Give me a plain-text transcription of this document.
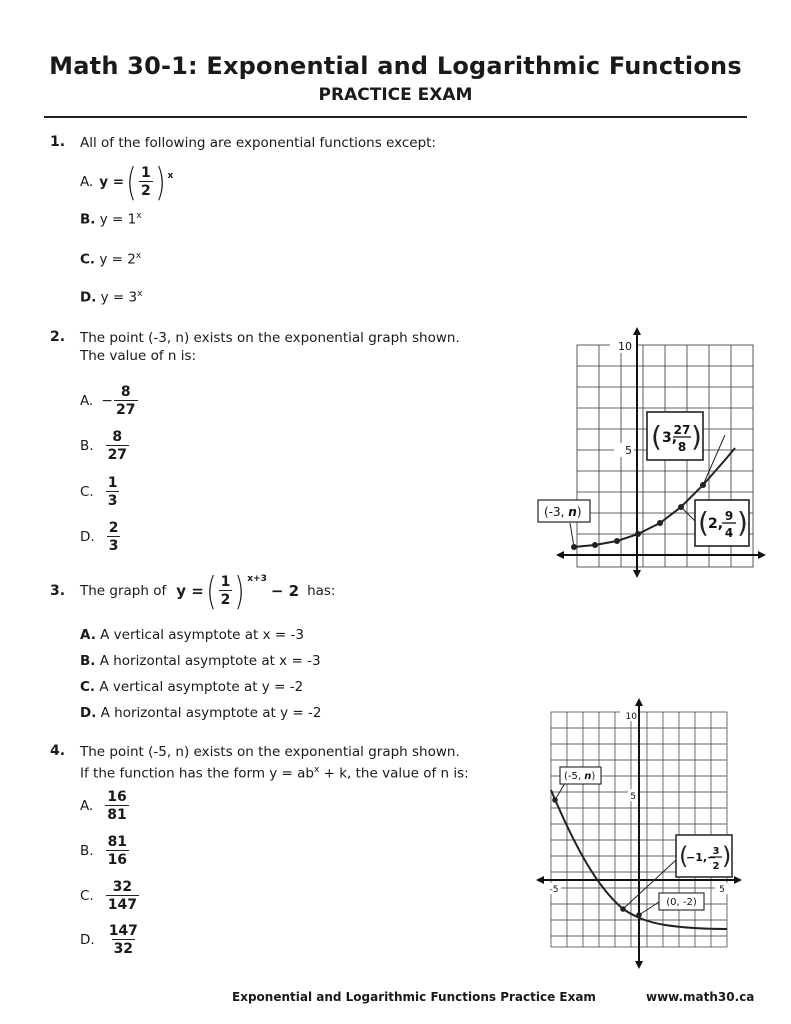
Math 30-1: Exponential and Logarithmic Functions
PRACTICE EXAM
1. All of the following are exponential functions except:
A. y = ( $\frac{1}{2}$ ) x
B. $y = 1^x$
C. $y = 2^x$
D. $y = 3^x$
2. The point (-3, n) exists on the exponential graph shown.
The value of n is:
A. − $\frac{8}{27}$
B. $\frac{8}{27}$
C. $\frac{1}{3}$
D. $\frac{2}{3}$
10
5
(-3, n)
( 3,
27
8 )
( 2, 9
4 )
3. The graph of y = ( $\frac{1}{2}$ ) x+3
− 2 has:
A. A vertical asymptote at x = -3
B. A horizontal asymptote at x = -3
C. A vertical asymptote at y = -2
D. A horizontal asymptote at y = -2
4. The point (-5, n) exists on the exponential graph shown.
If the function has the form $y = ab^x + k$, the value of n is:
A. $\frac{16}{81}$
B. $\frac{81}{16}$
C. $\frac{32}{147}$
D. $\frac{147}{32}$
10
5
-5	5
(-5, n)
(
−1,−
3
2 )
(0, -2)
Exponential and Logarithmic Functions Practice Exam	www.math30.ca
